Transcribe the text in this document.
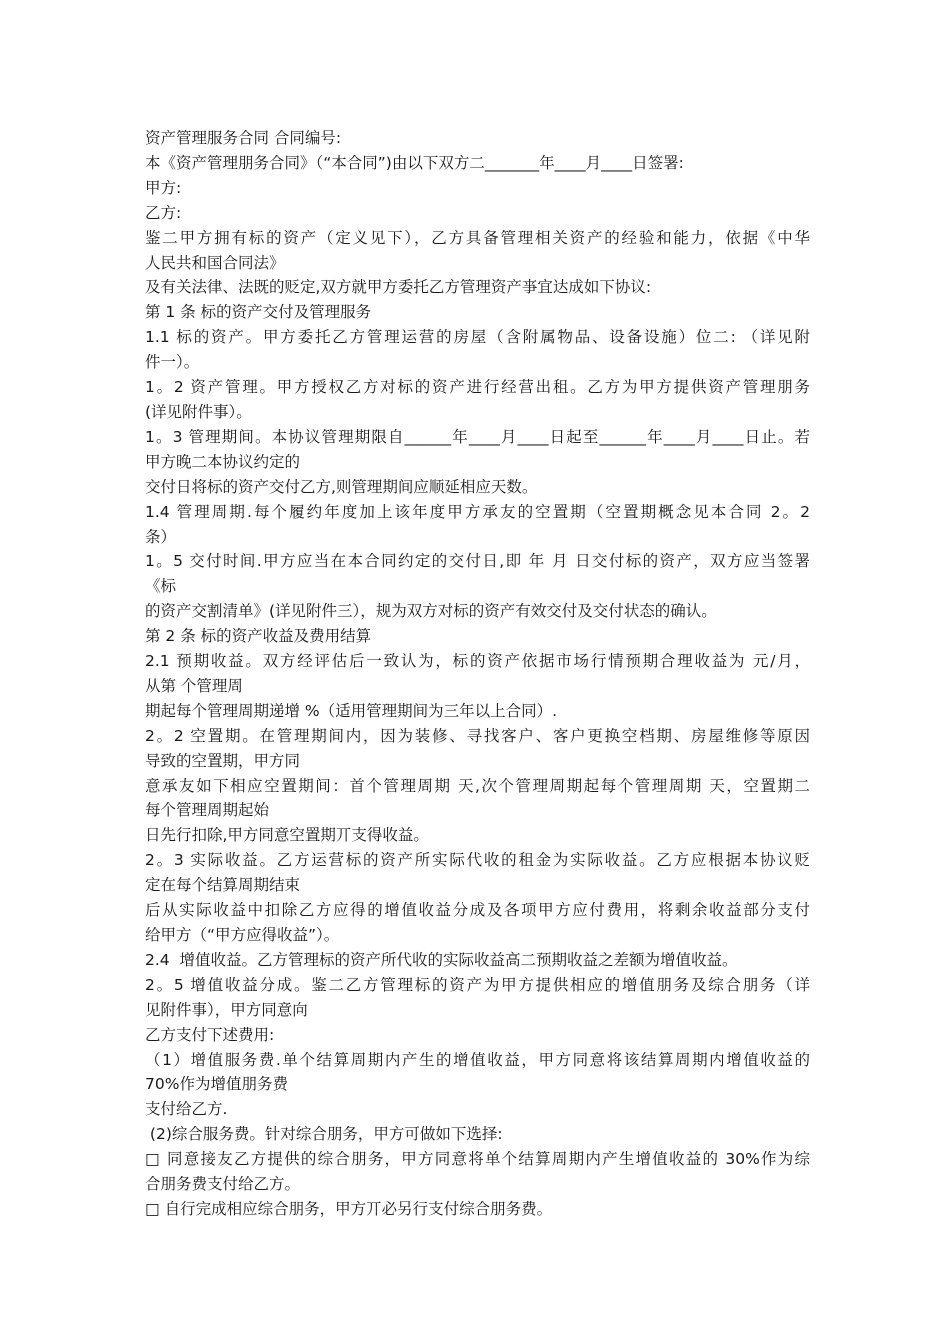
资产管理服务合同 合同编号:
本《资产管理朋务合同》（“本合同”)由以下双方二_______年____月____日签署:
甲方:
乙方:
鉴二甲方拥有标的资产（定义见下），乙方具备管理相关资产的经验和能力，依据《中华
人民共和国合同法》
及有关法律、法既的贬定,双方就甲方委托乙方管理资产亊宜达成如下协议:
第 1 条 标的资产交付及管理服务
1.1 标的资产。甲方委托乙方管理运营的房屋（含附属物品、设备设施）位二: （详见附
件一）。
1。2 资产管理。甲方授权乙方对标的资产进行经营出租。乙方为甲方提供资产管理朋务
(详见附件事）。
1。3 管理期间。本协议管理期限自______年____月____日起至______年____月____日止。若
甲方晚二本协议约定的
交付日将标的资产交付乙方,则管理期间应顺延相应天数。
1.4 管理周期.每个履约年度加上该年度甲方承友的空置期（空置期概念见本合同 2。2
条）
1。5 交付时间.甲方应当在本合同约定的交付日,即 年 月 日交付标的资产，双方应当签署
《标
的资产交割清单》(详见附件三），规为双方对标的资产有效交付及交付状态的确认。
第 2 条 标的资产收益及费用结算
2.1 预期收益。双方经评估后一致认为，标的资产依据市场行情预期合理收益为 元/月，
从第 个管理周
期起每个管理周期递增 %（适用管理期间为三年以上合同）.
2。2 空置期。在管理期间内，因为装修、寻找客户、客户更换空档期、房屋维修等原因
导致的空置期，甲方同
意承友如下相应空置期间：首个管理周期 天,次个管理周期起每个管理周期 天，空置期二
每个管理周期起始
日先行扣除,甲方同意空置期丌支得收益。
2。3 实际收益。乙方运营标的资产所实际代收的租金为实际收益。乙方应根据本协议贬
定在每个结算周期结束
后从实际收益中扣除乙方应得的增值收益分成及各项甲方应付费用，将剩余收益部分支付
给甲方（“甲方应得收益”）。
2.4  增值收益。乙方管理标的资产所代收的实际收益高二预期收益之差额为增值收益。
2。5 增值收益分成。鉴二乙方管理标的资产为甲方提供相应的增值朋务及综合朋务（详
见附件事），甲方同意向
乙方支付下述费用:
（1）增值服务费.单个结算周期内产生的增值收益，甲方同意将该结算周期内增值收益的
70%作为增值朋务费
支付给乙方.
(2)综合服务费。针对综合朋务，甲方可做如下选择:
□ 同意接友乙方提供的综合朋务，甲方同意将单个结算周期内产生增值收益的 30%作为综
合朋务费支付给乙方。
□ 自行完成相应综合朋务，甲方丌必另行支付综合朋务费。
